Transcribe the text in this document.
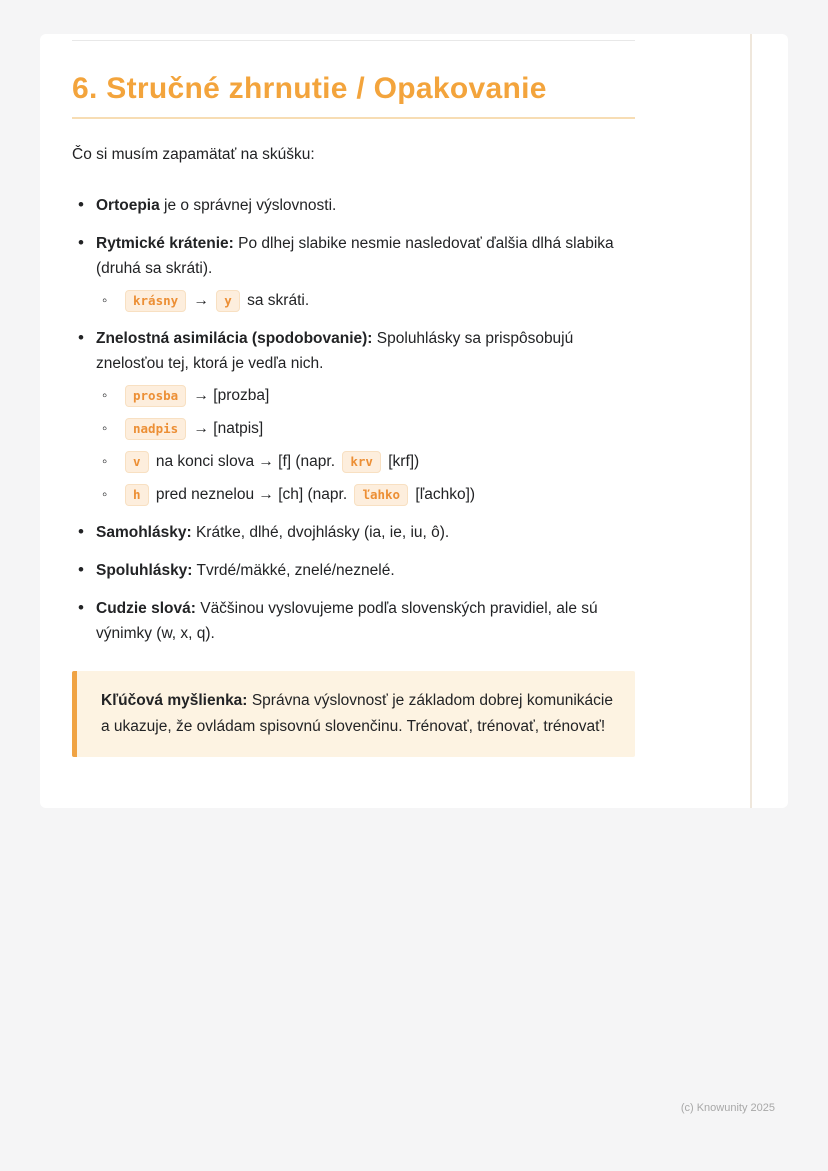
6. Stručné zhrnutie / Opakovanie

Čo si musím zapamätať na skúšku:

• Ortoepia je o správnej výslovnosti.

• Rytmické krátenie: Po dlhej slabike nesmie nasledovať ďalšia dlhá slabika (druhá sa skráti).

◦ krásny → y sa skráti.

• Znelostná asimilácia (spodobovanie): Spoluhlásky sa prispôsobujú znelosťou tej, ktorá je vedľa nich.

◦ prosba → [prozba]
◦ nadpis → [natpis]
◦ v na konci slova → [f] (napr. krv [krf])
◦ h pred neznelou → [ch] (napr. ľahko [ľachko])

• Samohlásky: Krátke, dlhé, dvojhlásky (ia, ie, iu, ô).

• Spoluhlásky: Tvrdé/mäkké, znelé/neznelé.

• Cudzie slová: Väčšinou vyslovujeme podľa slovenských pravidiel, ale sú výnimky (w, x, q).

Kľúčová myšlienka: Správna výslovnosť je základom dobrej komunikácie a ukazuje, že ovládam spisovnú slovenčinu. Trénovať, trénovať, trénovať!
(c) Knowunity 2025
